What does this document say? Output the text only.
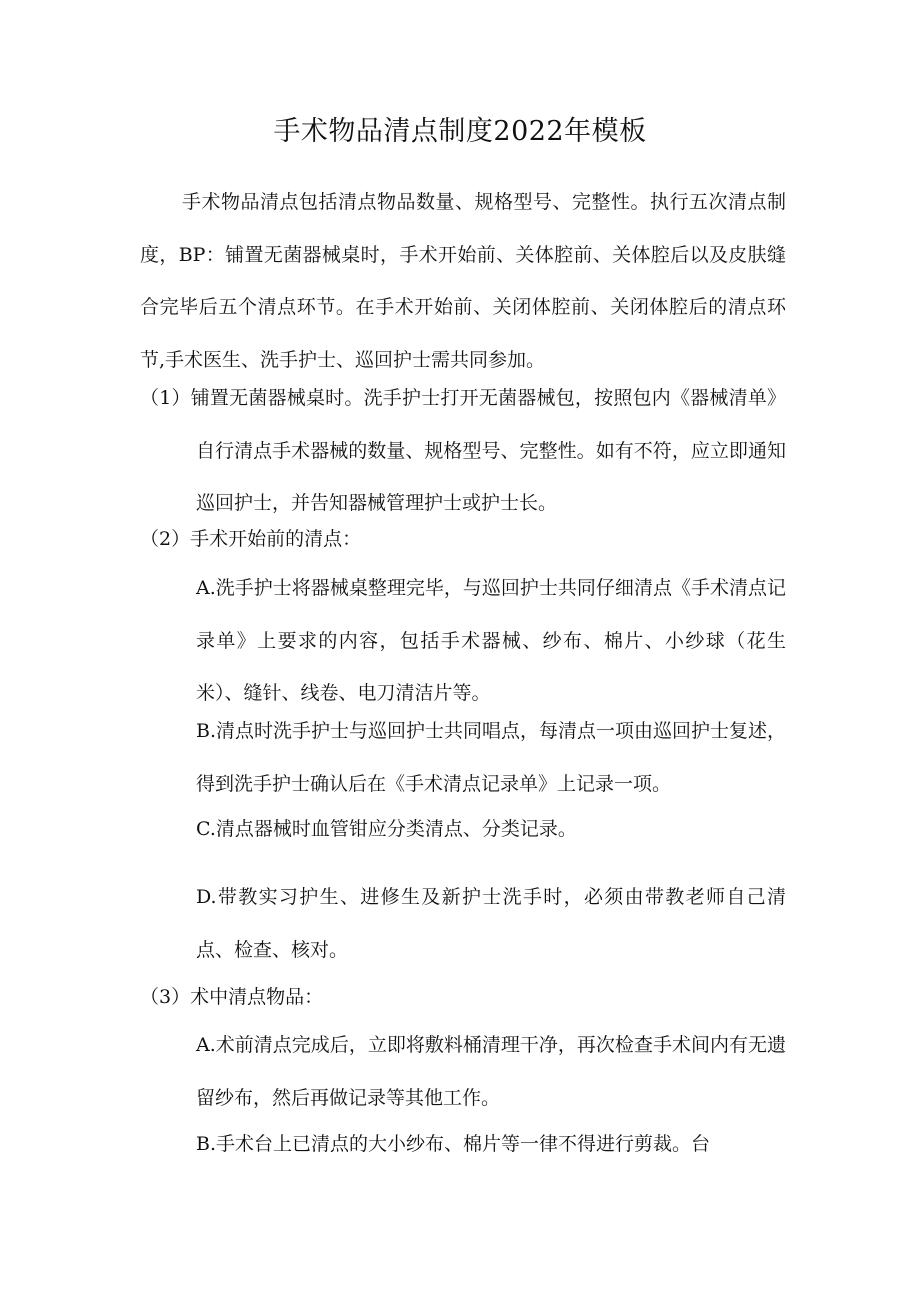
手术物品清点制度2022年模板
手术物品清点包括清点物品数量、规格型号、完整性。执行五次清点制度，BP：铺置无菌器械桌时，手术开始前、关体腔前、关体腔后以及皮肤缝合完毕后五个清点环节。在手术开始前、关闭体腔前、关闭体腔后的清点环节,手术医生、洗手护士、巡回护士需共同参加。
（1）铺置无菌器械桌时。洗手护士打开无菌器械包，按照包内《器械清单》自行清点手术器械的数量、规格型号、完整性。如有不符，应立即通知巡回护士，并告知器械管理护士或护士长。
（2）手术开始前的清点：
A.洗手护士将器械桌整理完毕，与巡回护士共同仔细清点《手术清点记录单》上要求的内容，包括手术器械、纱布、棉片、小纱球（花生米）、缝针、线卷、电刀清洁片等。
B.清点时洗手护士与巡回护士共同唱点，每清点一项由巡回护士复述，得到洗手护士确认后在《手术清点记录单》上记录一项。
C.清点器械时血管钳应分类清点、分类记录。
D.带教实习护生、进修生及新护士洗手时，必须由带教老师自己清点、检查、核对。
（3）术中清点物品：
A.术前清点完成后，立即将敷料桶清理干净，再次检查手术间内有无遗留纱布，然后再做记录等其他工作。
B.手术台上已清点的大小纱布、棉片等一律不得进行剪裁。台
